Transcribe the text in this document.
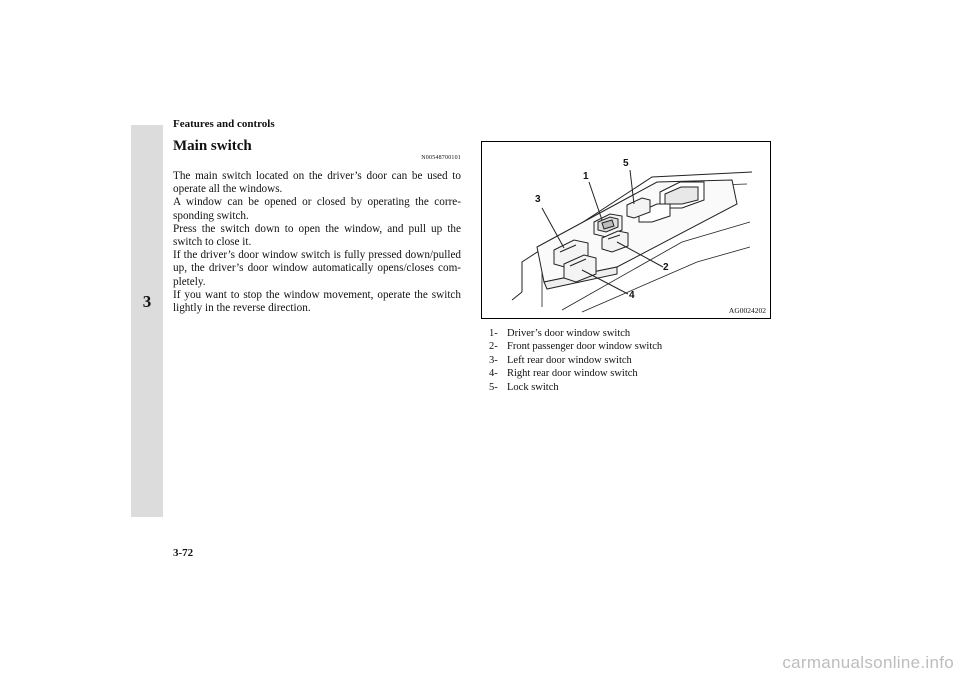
Features and controls
3
Main switch
N00548700101

The main switch located on the driver’s door can be used to operate all the windows.

A window can be opened or closed by operating the corre-sponding switch.

Press the switch down to open the window, and pull up the switch to close it.

If the driver’s door window switch is fully pressed down/pulled up, the driver’s door window automatically opens/closes com-pletely.

If you want to stop the window movement, operate the switch lightly in the reverse direction.

1
2
3
4
5
AG0024202
1- Driver’s door window switch
2- Front passenger door window switch
3- Left rear door window switch
4- Right rear door window switch
5- Lock switch
3-72
carmanualsonline.info
